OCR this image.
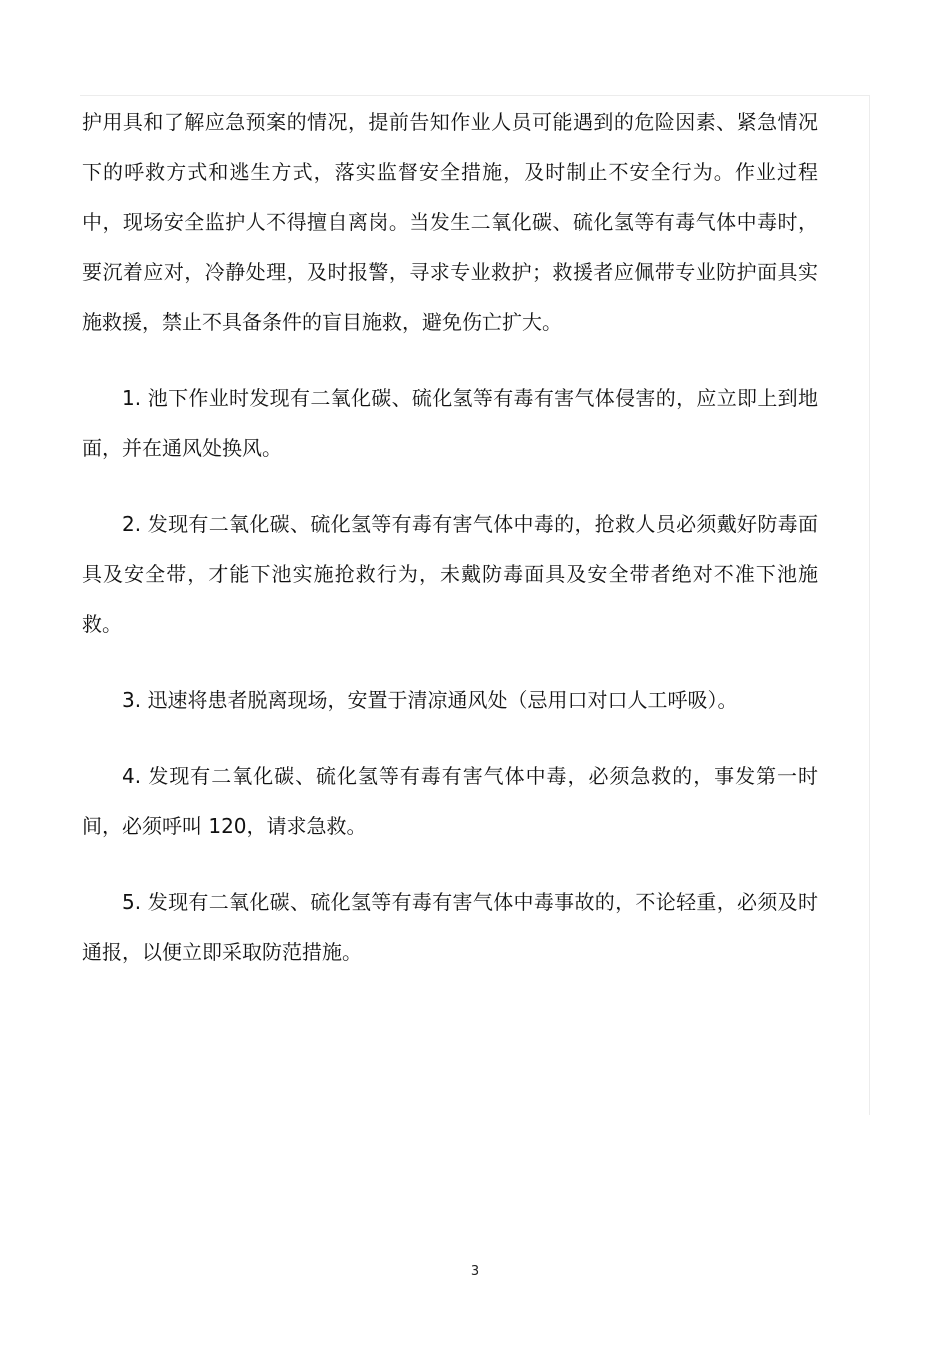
护用具和了解应急预案的情况，提前告知作业人员可能遇到的危险因素、紧急情况下的呼救方式和逃生方式，落实监督安全措施，及时制止不安全行为。作业过程中，现场安全监护人不得擅自离岗。当发生二氧化碳、硫化氢等有毒气体中毒时，要沉着应对，冷静处理，及时报警，寻求专业救护；救援者应佩带专业防护面具实施救援，禁止不具备条件的盲目施救，避免伤亡扩大。

1. 池下作业时发现有二氧化碳、硫化氢等有毒有害气体侵害的，应立即上到地面，并在通风处换风。

2. 发现有二氧化碳、硫化氢等有毒有害气体中毒的，抢救人员必须戴好防毒面具及安全带，才能下池实施抢救行为，未戴防毒面具及安全带者绝对不准下池施救。

3. 迅速将患者脱离现场，安置于清凉通风处（忌用口对口人工呼吸）。

4. 发现有二氧化碳、硫化氢等有毒有害气体中毒，必须急救的，事发第一时间，必须呼叫 120，请求急救。

5. 发现有二氧化碳、硫化氢等有毒有害气体中毒事故的，不论轻重，必须及时通报，以便立即采取防范措施。

3
